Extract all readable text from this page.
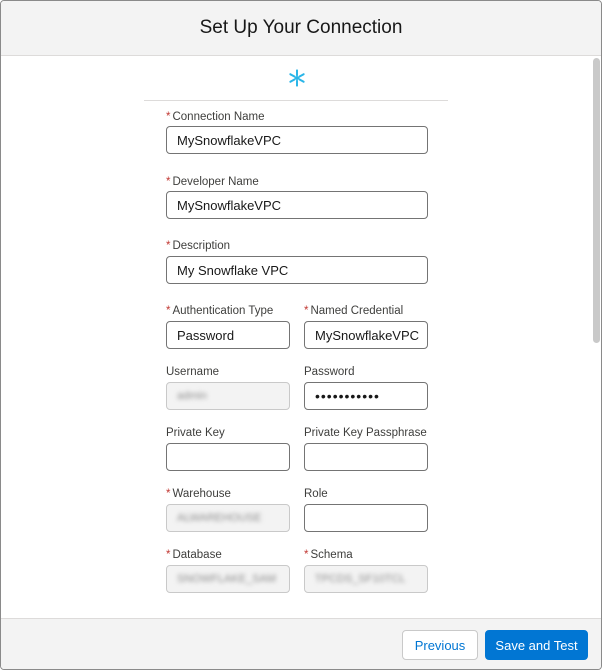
Set Up Your Connection
* Connection Name
MySnowflakeVPC
* Developer Name
MySnowflakeVPC
* Description
My Snowflake VPC
* Authentication Type
Password
* Named Credential
MySnowflakeVPC
Username
admin
Password
•••••••••••
Private Key	Private Key Passphrase
* Warehouse
ALWAREHOUSE
Role
* Database
SNOWFLAKE_SAM
* Schema
TPCDS_SF10TCL
Previous	Save and Test
